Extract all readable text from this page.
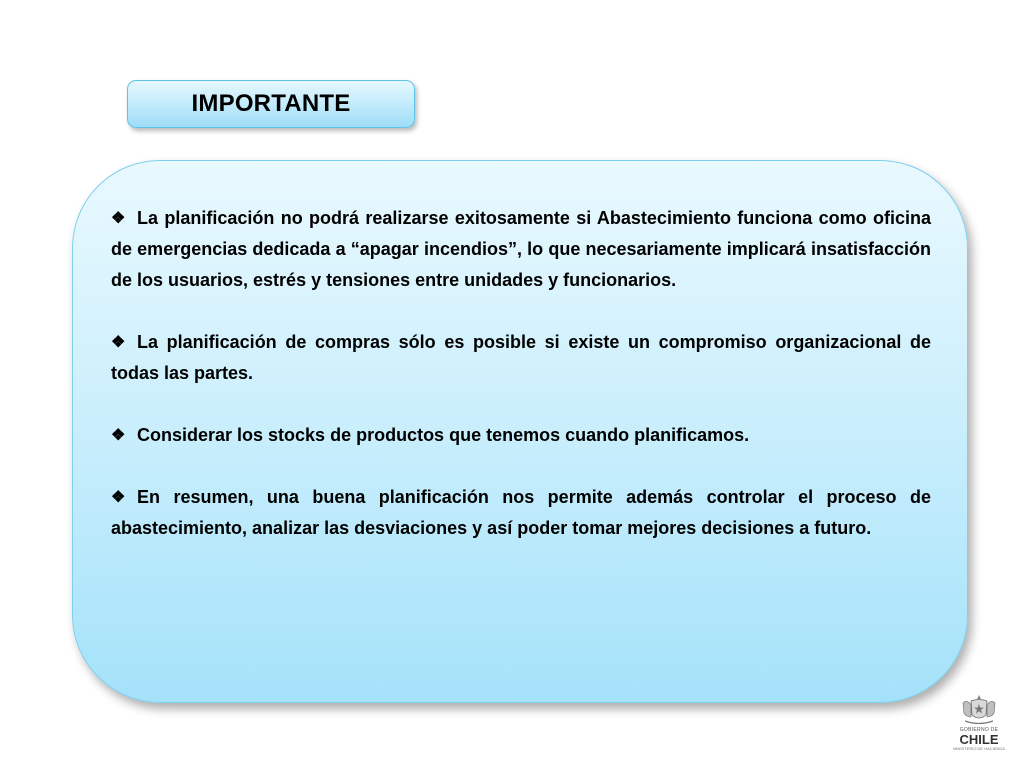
IMPORTANTE
❖ La planificación no podrá realizarse exitosamente si Abastecimiento funciona como oficina de emergencias dedicada a “apagar incendios”, lo que necesariamente implicará insatisfacción de los usuarios, estrés y tensiones entre unidades y funcionarios.
❖ La planificación de compras sólo es posible si existe un compromiso organizacional de todas las partes.
❖ Considerar los stocks de productos que tenemos cuando planificamos.
❖ En resumen, una buena planificación nos permite además controlar el proceso de abastecimiento, analizar las desviaciones y así poder tomar mejores decisiones a futuro.
GOBIERNO DE
CHILE
MINISTERIO DE HACIENDA
